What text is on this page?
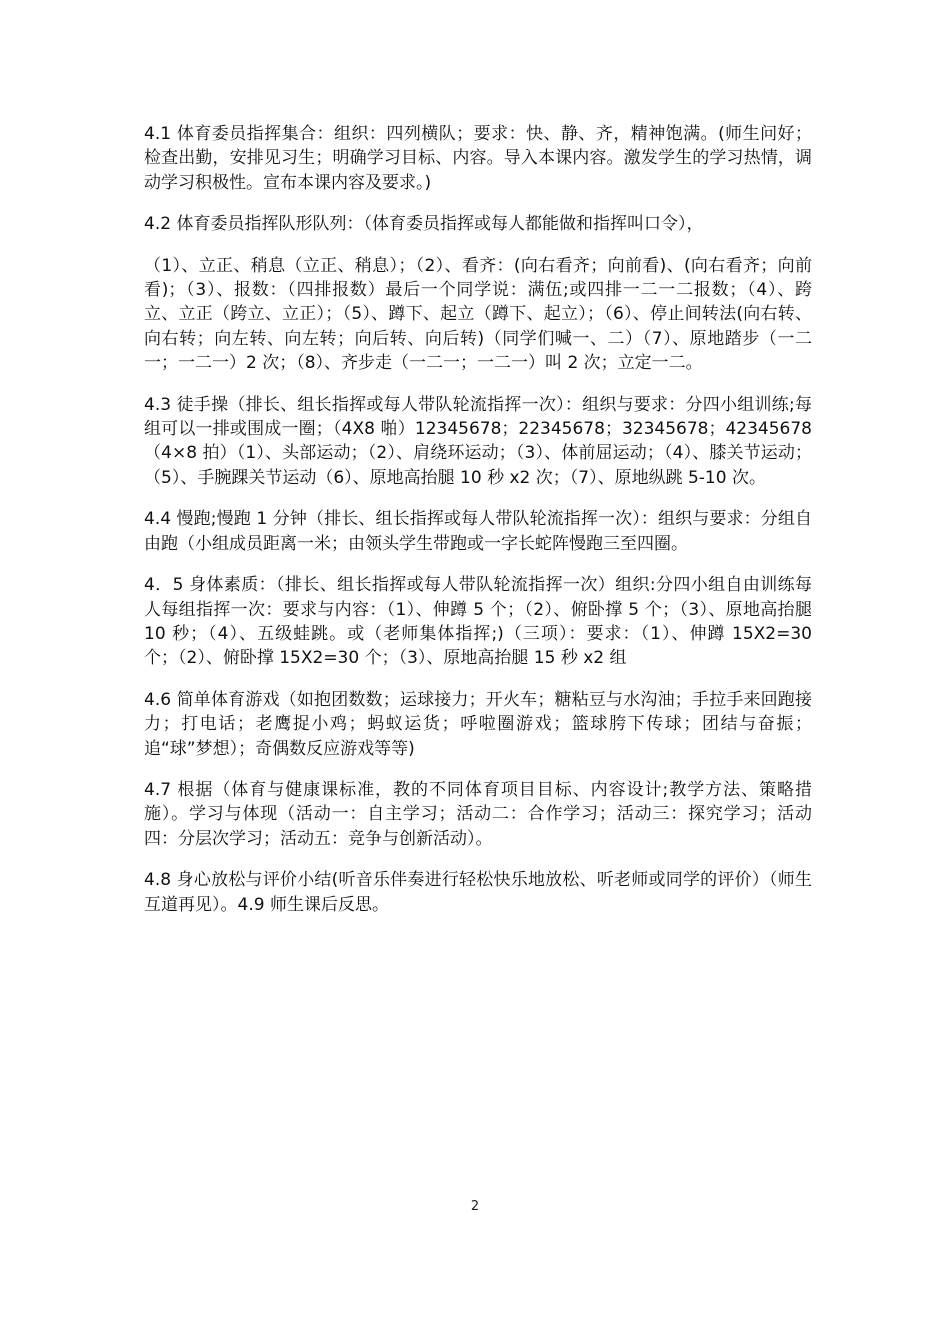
4.1 体育委员指挥集合：组织：四列横队；要求：快、静、齐，精神饱满。(师生问好；检查出勤，安排见习生；明确学习目标、内容。导入本课内容。激发学生的学习热情，调动学习积极性。宣布本课内容及要求。)

4.2 体育委员指挥队形队列：（体育委员指挥或每人都能做和指挥叫口令），

（1）、立正、稍息（立正、稍息）；（2）、看齐：(向右看齐；向前看)、(向右看齐；向前看)；（3）、报数：（四排报数）最后一个同学说：满伍;或四排一二一二报数；（4）、跨立、立正（跨立、立正）；（5）、蹲下、起立（蹲下、起立）；（6）、停止间转法(向右转、向右转；向左转、向左转；向后转、向后转)（同学们喊一、二）（7）、原地踏步（一二一；一二一）2 次；（8）、齐步走（一二一；一二一）叫 2 次；立定一二。

4.3 徒手操（排长、组长指挥或每人带队轮流指挥一次）：组织与要求：分四小组训练;每组可以一排或围成一圈；（4X8 啪）12345678；22345678；32345678；42345678（4×8 拍）（1）、头部运动；（2）、肩绕环运动；（3）、体前屈运动；（4）、膝关节运动；（5）、手腕踝关节运动（6）、原地高抬腿 10 秒 x2 次；（7）、原地纵跳 5-10 次。

4.4 慢跑;慢跑 1 分钟（排长、组长指挥或每人带队轮流指挥一次）：组织与要求：分组自由跑（小组成员距离一米；由领头学生带跑或一字长蛇阵慢跑三至四圈。

4．5 身体素质：（排长、组长指挥或每人带队轮流指挥一次）组织:分四小组自由训练每人每组指挥一次：要求与内容：（1）、伸蹲 5 个；（2）、俯卧撑 5 个；（3）、原地高抬腿 10 秒；（4）、五级蛙跳。或（老师集体指挥;)（三项）：要求：（1）、伸蹲 15X2=30 个；（2）、俯卧撑 15X2=30 个；（3）、原地高抬腿 15 秒 x2 组

4.6 简单体育游戏（如抱团数数；运球接力；开火车；糖粘豆与水沟油；手拉手来回跑接力；打电话；老鹰捉小鸡；蚂蚁运货；呼啦圈游戏；篮球胯下传球；团结与奋振；追“球”梦想）；奇偶数反应游戏等等)

4.7 根据（体育与健康课标准，教的不同体育项目目标、内容设计;教学方法、策略措施）。学习与体现（活动一：自主学习；活动二：合作学习；活动三：探究学习；活动四：分层次学习；活动五：竞争与创新活动）。

4.8 身心放松与评价小结(听音乐伴奏进行轻松快乐地放松、听老师或同学的评价）（师生互道再见）。4.9 师生课后反思。

2
